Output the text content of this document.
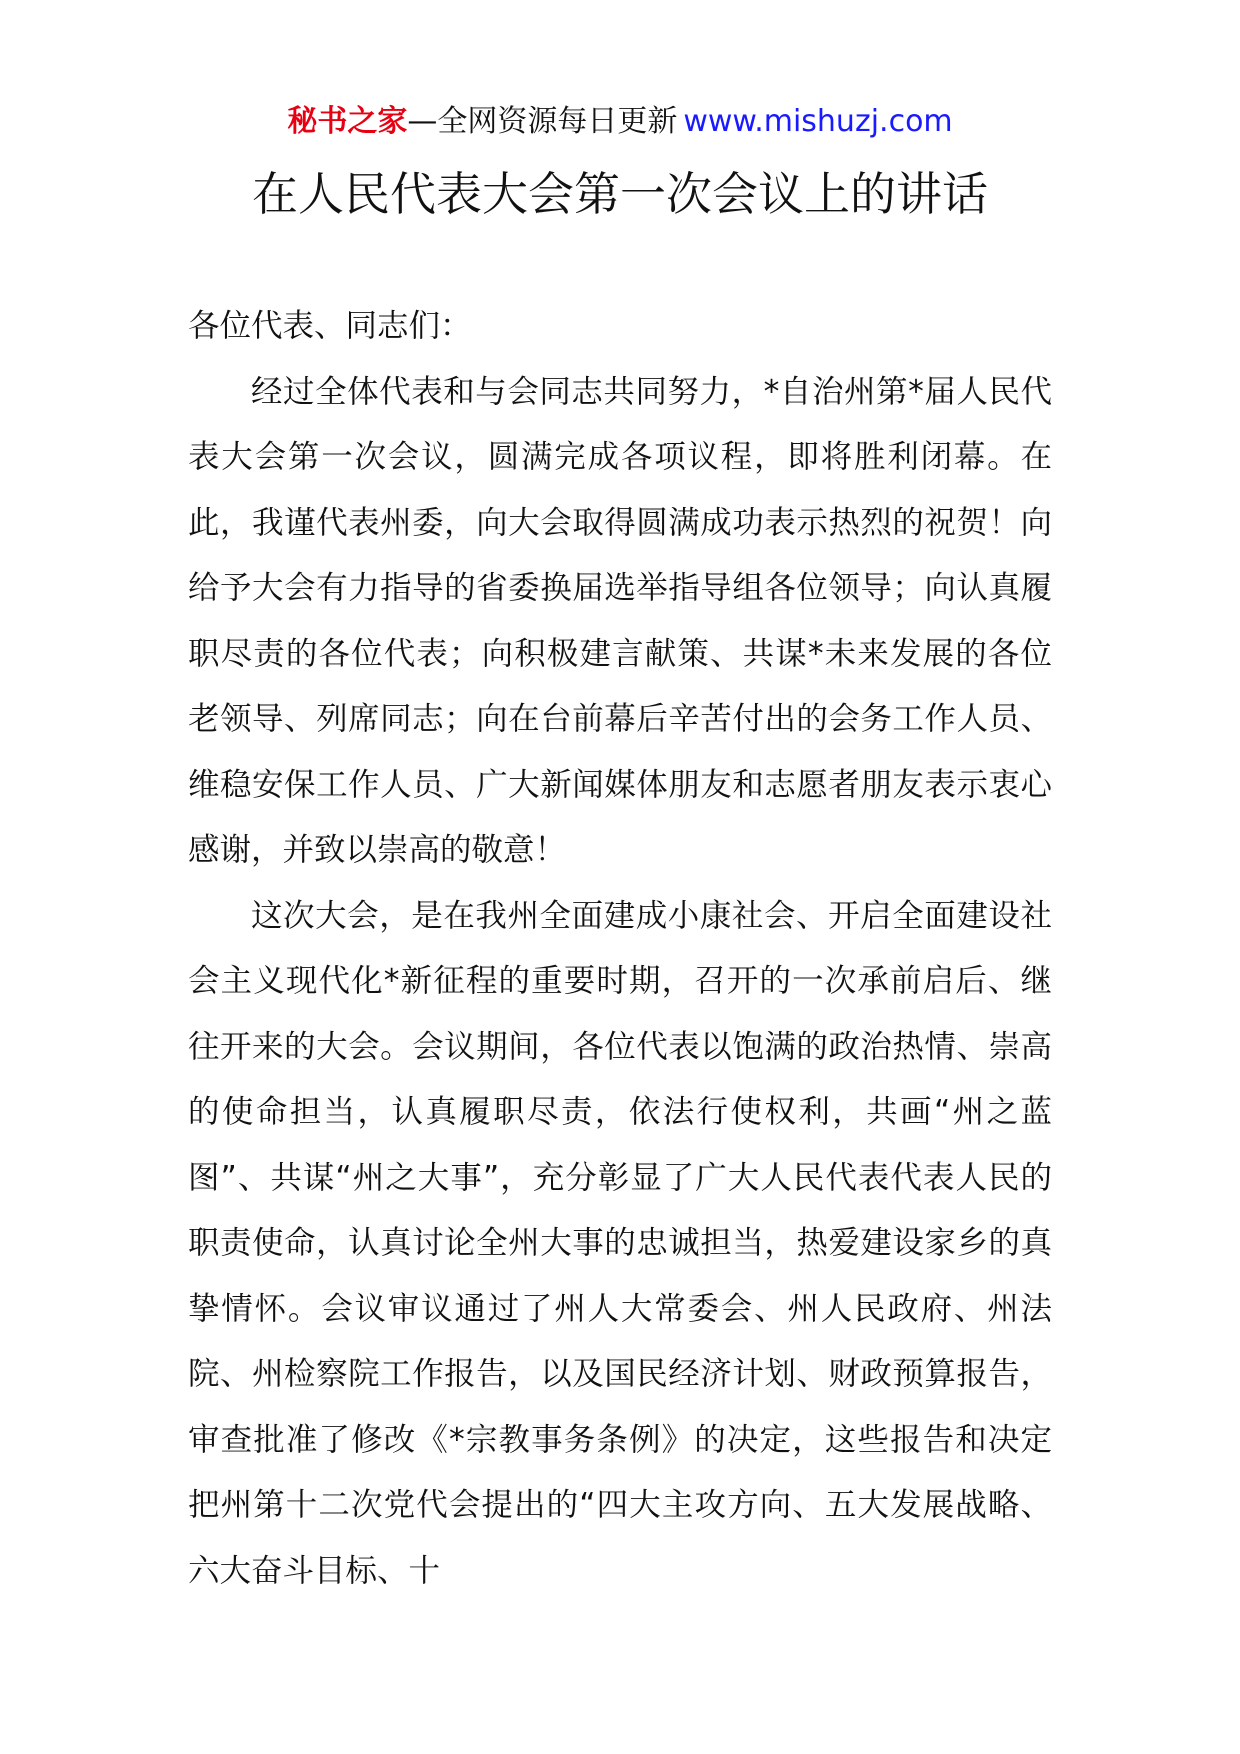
秘书之家—全网资源每日更新 www.mishuzj.com
在人民代表大会第一次会议上的讲话

各位代表、同志们：

经过全体代表和与会同志共同努力，*自治州第*届人民代表大会第一次会议，圆满完成各项议程，即将胜利闭幕。在此，我谨代表州委，向大会取得圆满成功表示热烈的祝贺！向给予大会有力指导的省委换届选举指导组各位领导；向认真履职尽责的各位代表；向积极建言献策、共谋*未来发展的各位老领导、列席同志；向在台前幕后辛苦付出的会务工作人员、维稳安保工作人员、广大新闻媒体朋友和志愿者朋友表示衷心感谢，并致以崇高的敬意！

这次大会，是在我州全面建成小康社会、开启全面建设社会主义现代化*新征程的重要时期，召开的一次承前启后、继往开来的大会。会议期间，各位代表以饱满的政治热情、崇高的使命担当，认真履职尽责，依法行使权利，共画“州之蓝图”、共谋“州之大事”，充分彰显了广大人民代表代表人民的职责使命，认真讨论全州大事的忠诚担当，热爱建设家乡的真挚情怀。会议审议通过了州人大常委会、州人民政府、州法院、州检察院工作报告，以及国民经济计划、财政预算报告，审查批准了修改《*宗教事务条例》的决定，这些报告和决定把州第十二次党代会提出的“四大主攻方向、五大发展战略、六大奋斗目标、十
